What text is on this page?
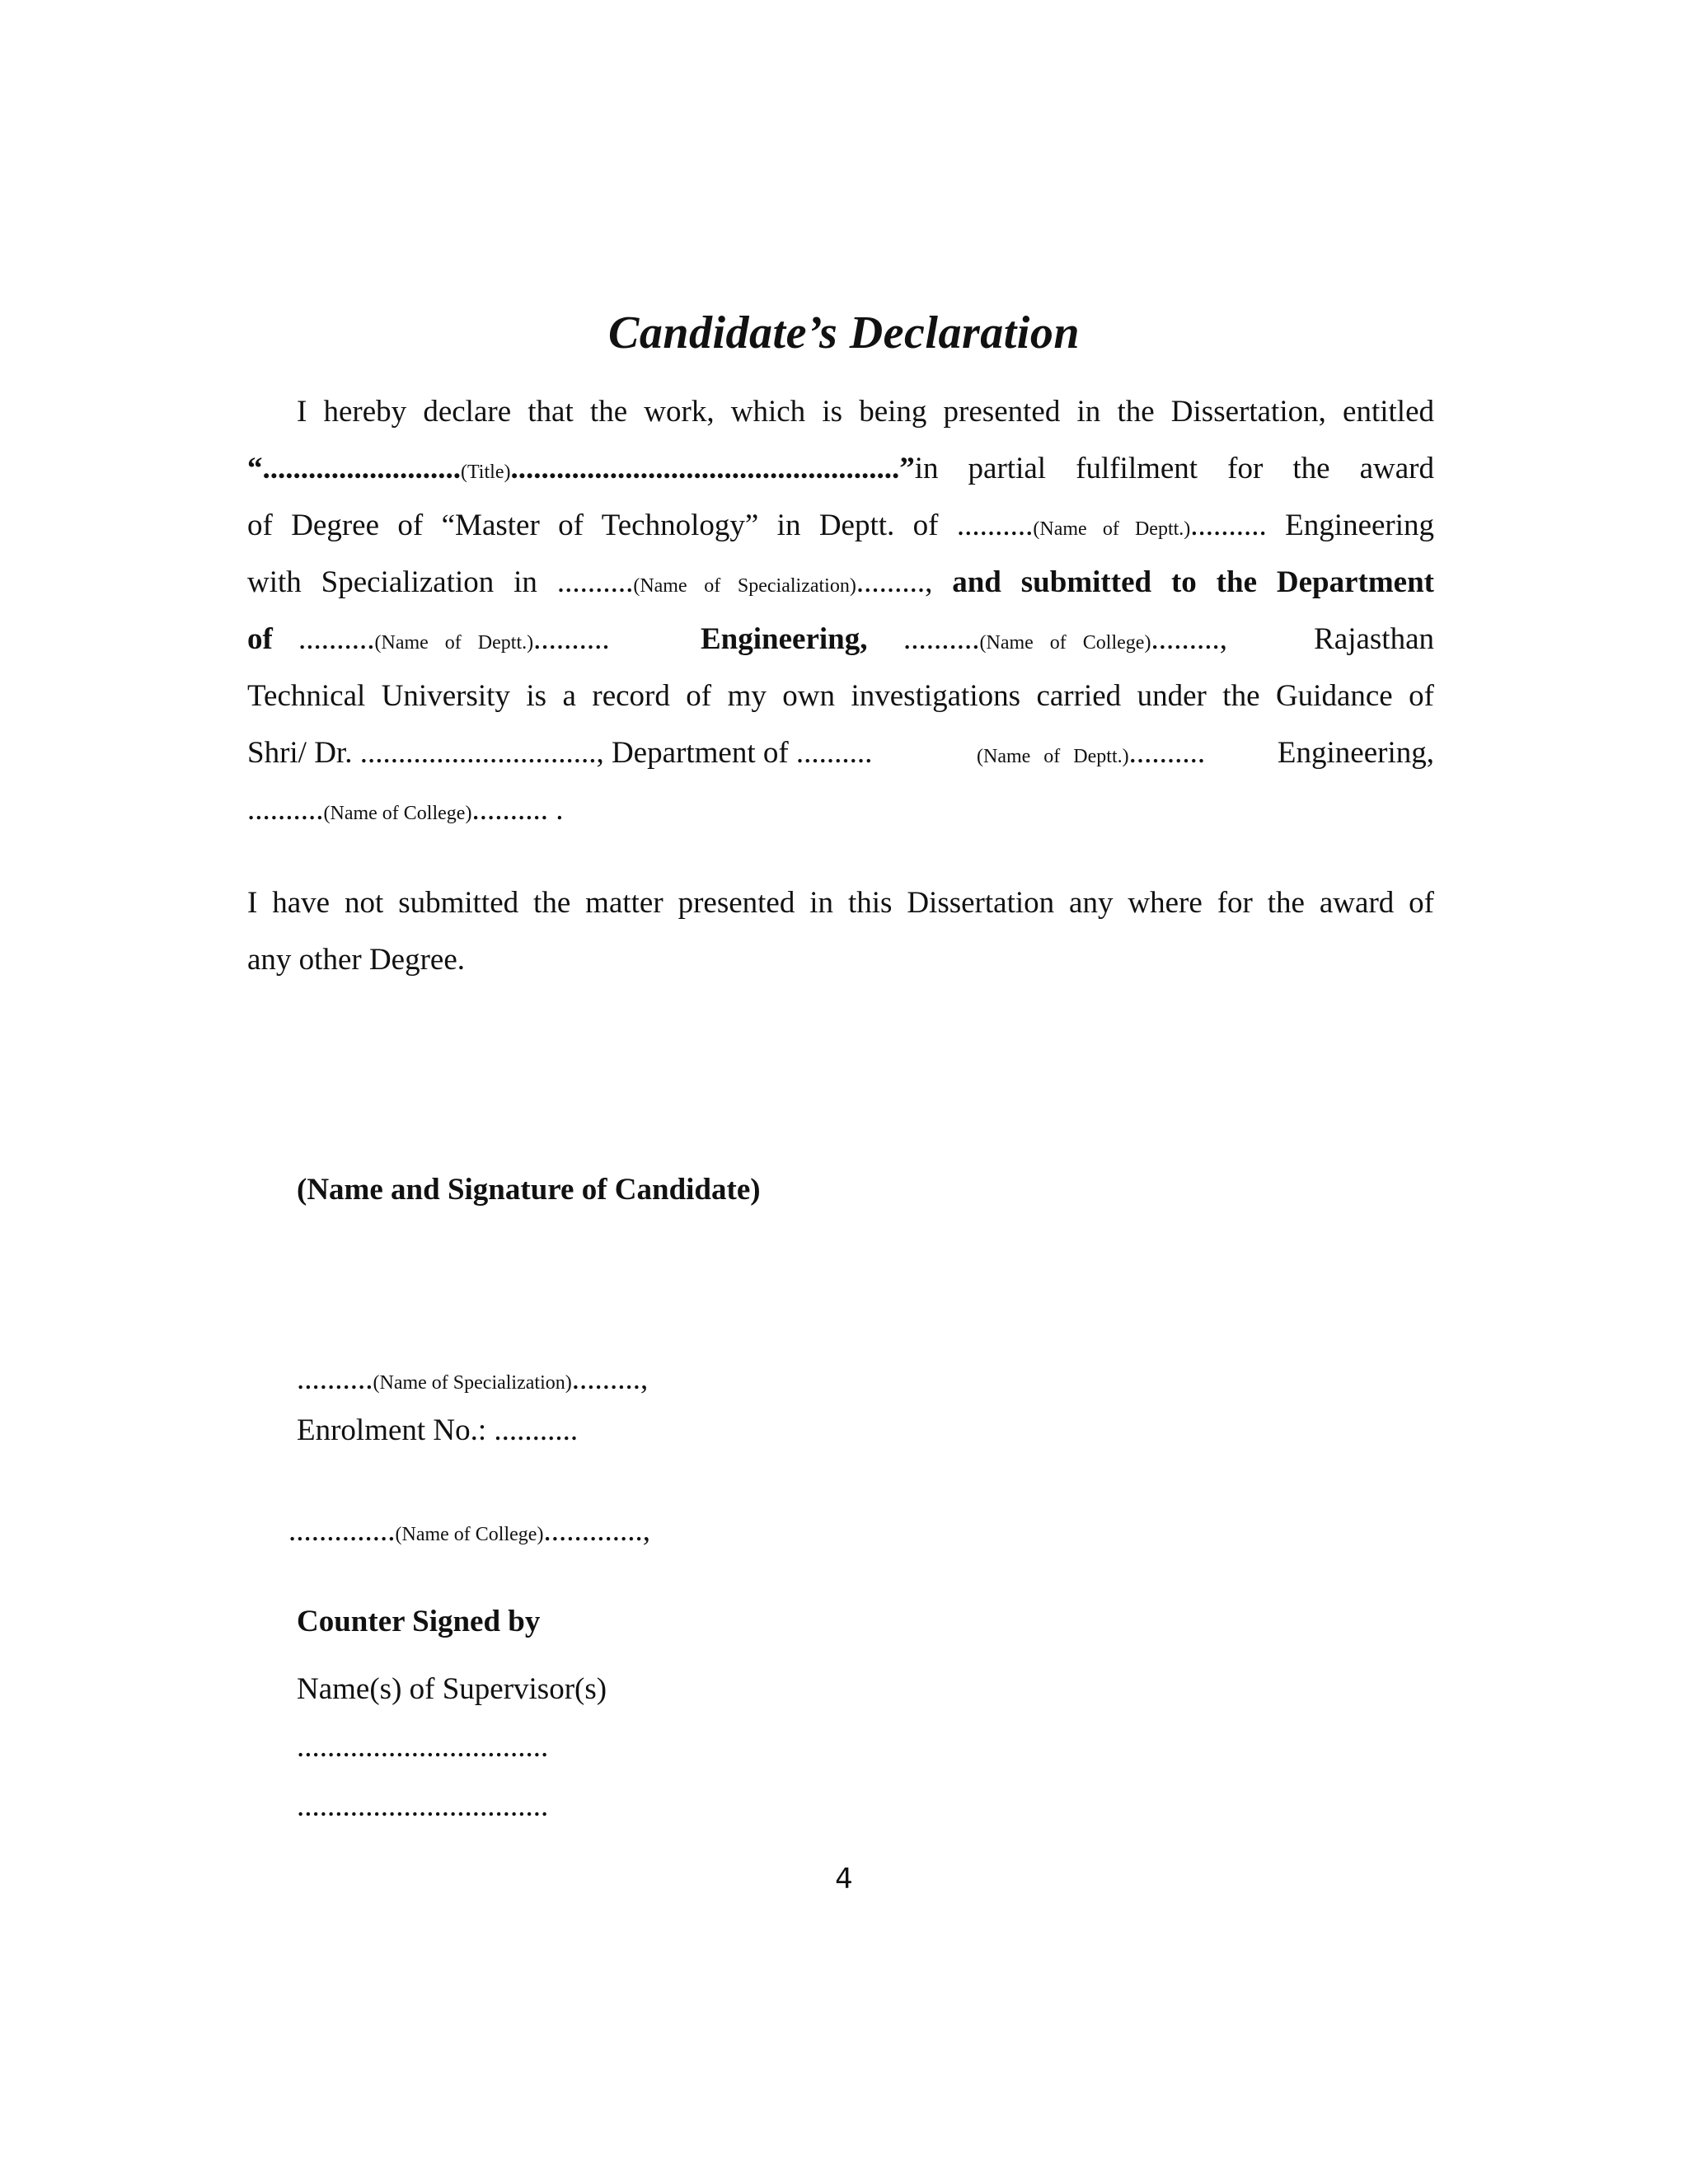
Candidate’s Declaration
I hereby declare that the work, which is being presented in the Dissertation, entitled
“..........................(Title)...................................................”in partial fulfilment for the award
of Degree of “Master of Technology” in Deptt. of ..........(Name of Deptt.).......... Engineering
with Specialization in ..........(Name of Specialization)........., and submitted to the Department
of ..........(Name of Deptt.)..........	Engineering, ..........(Name of College).........,	Rajasthan
Technical University is a record of my own investigations carried under the Guidance of
Shri/ Dr. ..............................., Department of ..........	(Name of Deptt.).......... Engineering,
..........(Name of College).......... .
I have not submitted the matter presented in this Dissertation any where for the award of
any other Degree.
(Name and Signature of Candidate)
..........(Name of Specialization).........,
Enrolment No.: ...........
..............(Name of College).............,
Counter Signed by
Name(s) of Supervisor(s)
.................................
.................................
4
